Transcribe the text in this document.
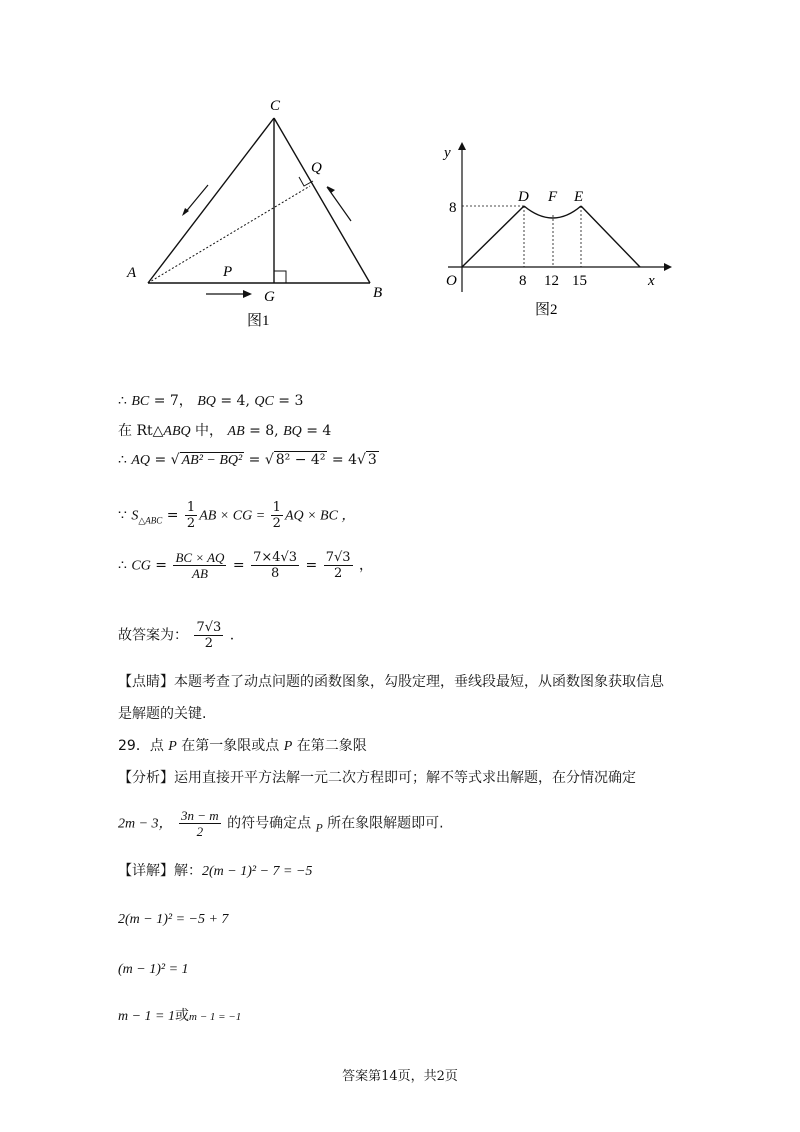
C
A
B
G
P
Q
图1
y
x
O
8
8 12 15
D F E
图2
∴ BC = 7， BQ = 4, QC = 3
在 Rt△ABQ 中， AB = 8, BQ = 4
∴ AQ = √ AB² − BQ² = √ 8² − 4² = 4√ 3
∵ $S_{\triangle ABC} = \frac{1}{2}$ AB × CG = $\frac{1}{2}$ AQ × BC ，
∴ CG = $\frac{BC \times AQ}{AB} = \frac{7\times 4√3}{8} = \frac{7√3}{2}$ ，
故答案为： $\frac{7√3}{2}$ .
【点睛】本题考查了动点问题的函数图象，勾股定理，垂线段最短，从函数图象获取信息
是解题的关键.
29．点 P 在第一象限或点 P 在第二象限
【分析】运用直接开平方法解一元二次方程即可；解不等式求出解题，在分情况确定
2m − 3， $\frac{3n - m}{2}$ 的符号确定点 $_P$ 所在象限解题即可.
【详解】解：2(m − 1)² − 7 = −5
2(m − 1)² = −5 + 7
(m − 1)² = 1
m − 1 = 1或m − 1 = −1
答案第14页，共2页
